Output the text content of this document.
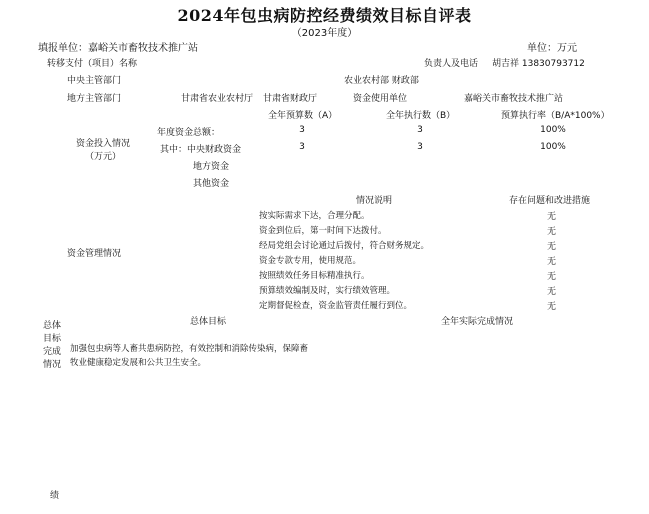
2024年包虫病防控经费绩效目标自评表
（2023年度）
填报单位：嘉峪关市畜牧技术推广站	单位：万元
转移支付（项目）名称	负责人及电话 胡吉祥 13830793712
中央主管部门	农业农村部 财政部
地方主管部门	甘肃省农业农村厅 甘肃省财政厅	资金使用单位	嘉峪关市畜牧技术推广站
全年预算数（A）	全年执行数（B）	预算执行率（B/A*100%）
资金投入情况
（万元）
年度资金总额：	3	3	100%
其中：中央财政资金	3	3	100%
地方资金
其他资金
情况说明	存在问题和改进措施
资金管理情况
按实际需求下达，合理分配。	无
资金到位后，第一时间下达拨付。	无
经局党组会讨论通过后拨付，符合财务规定。	无
资金专款专用，使用规范。	无
按照绩效任务目标精准执行。	无
预算绩效编制及时，实行绩效管理。	无
定期督促检查，资金监管责任履行到位。	无
总体
目标
完成
情况
总体目标	全年实际完成情况
加强包虫病等人畜共患病防控，有效控制和消除传染病，保障畜
牧业健康稳定发展和公共卫生安全。
绩
